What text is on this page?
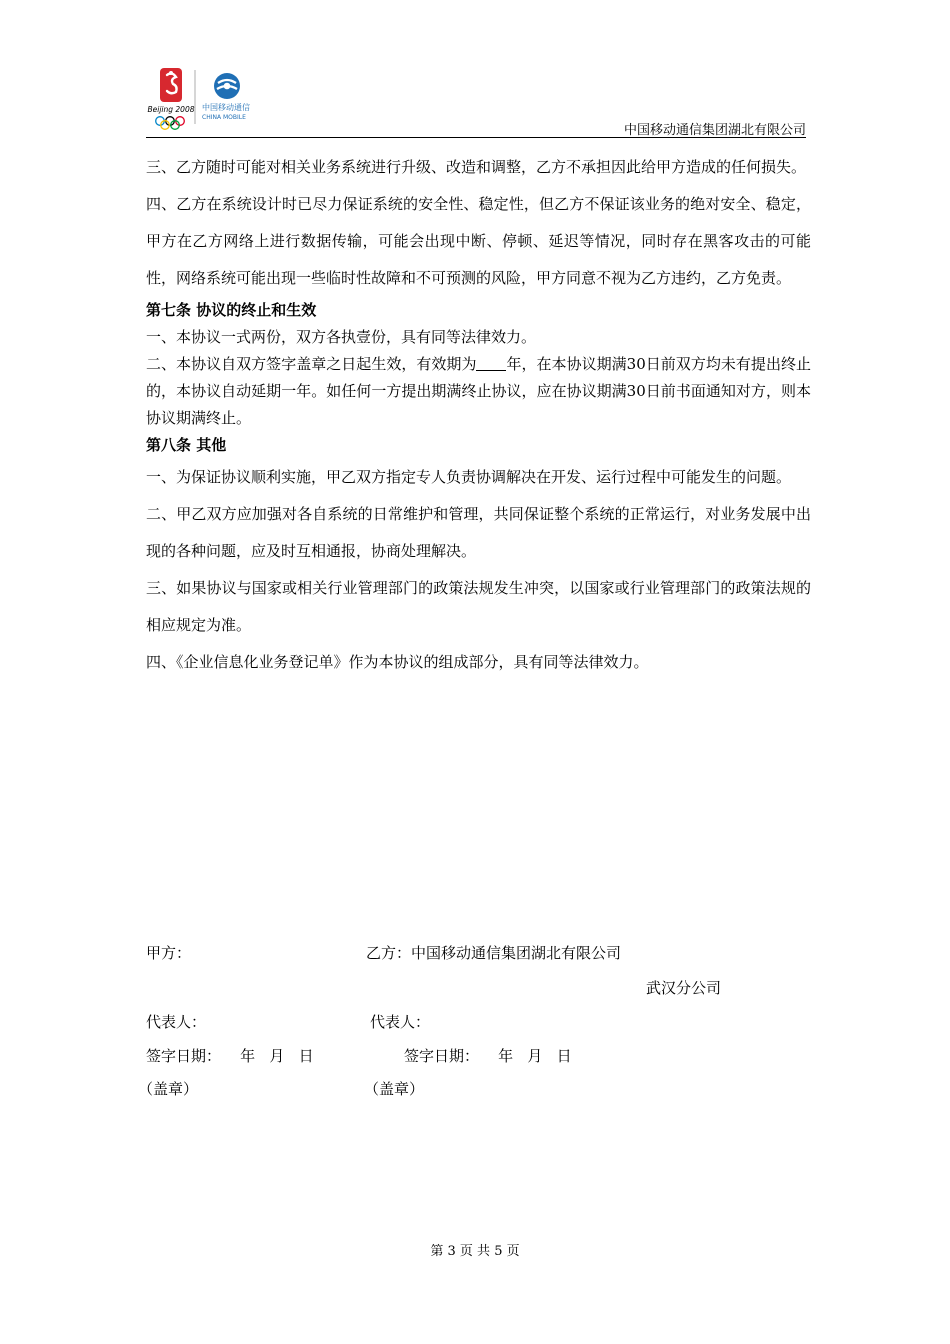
Beijing 2008 中国移动通信
CHINA MOBILE
中国移动通信集团湖北有限公司

三、乙方随时可能对相关业务系统进行升级、改造和调整，乙方不承担因此给甲方造成的任何损失。

四、乙方在系统设计时已尽力保证系统的安全性、稳定性，但乙方不保证该业务的绝对安全、稳定，甲方在乙方网络上进行数据传输，可能会出现中断、停顿、延迟等情况，同时存在黑客攻击的可能性，网络系统可能出现一些临时性故障和不可预测的风险，甲方同意不视为乙方违约，乙方免责。

第七条 协议的终止和生效

一、本协议一式两份，双方各执壹份，具有同等法律效力。

二、本协议自双方签字盖章之日起生效，有效期为 年，在本协议期满30日前双方均未有提出终止的，本协议自动延期一年。如任何一方提出期满终止协议，应在协议期满30日前书面通知对方，则本协议期满终止。

第八条 其他

一、为保证协议顺利实施，甲乙双方指定专人负责协调解决在开发、运行过程中可能发生的问题。

二、甲乙双方应加强对各自系统的日常维护和管理，共同保证整个系统的正常运行，对业务发展中出现的各种问题，应及时互相通报，协商处理解决。

三、如果协议与国家或相关行业管理部门的政策法规发生冲突，以国家或行业管理部门的政策法规的相应规定为准。

四、《企业信息化业务登记单》作为本协议的组成部分，具有同等法律效力。

甲方：	乙方：中国移动通信集团湖北有限公司
武汉分公司
代表人：	代表人：
签字日期：    年   月   日	签字日期：    年   月   日
（盖章）	（盖章）
第 3 页 共 5 页
